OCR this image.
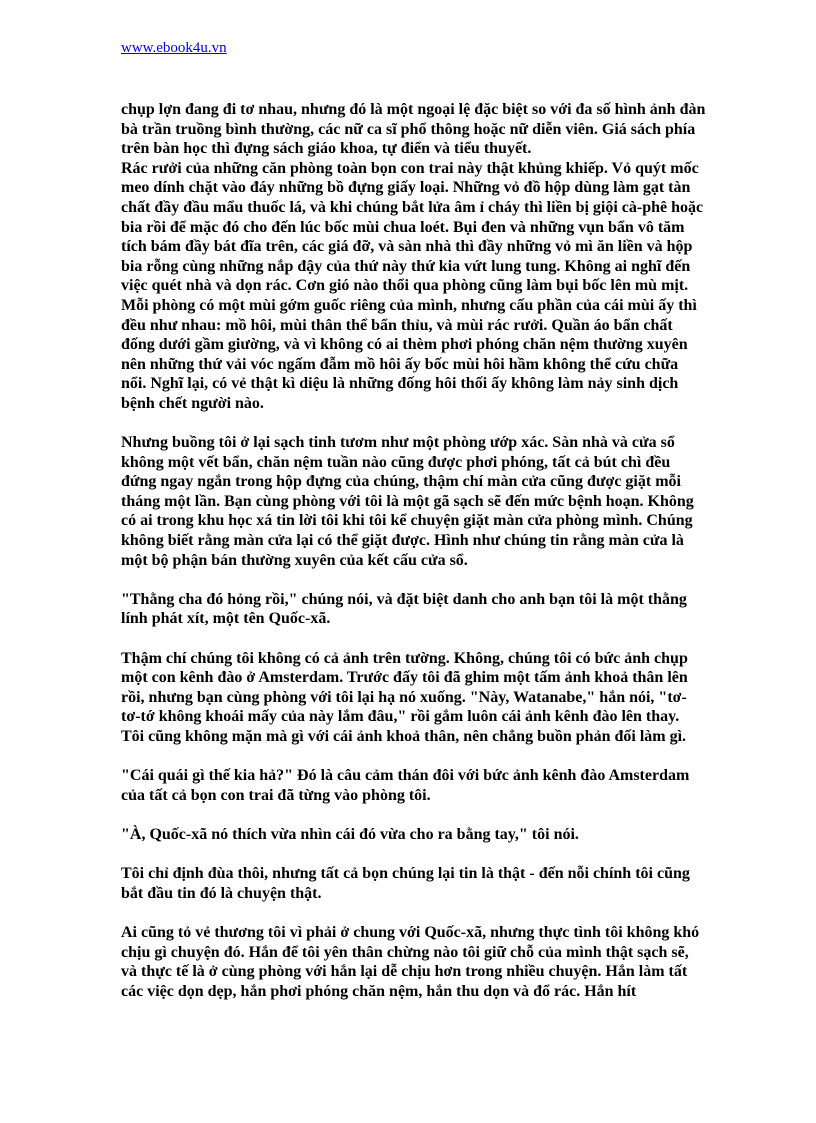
www.ebook4u.vn

chụp lợn đang đi tơ nhau, nhưng đó là một ngoại lệ đặc biệt so với đa số hình ảnh đàn bà trần truồng bình thường, các nữ ca sĩ phổ thông hoặc nữ diễn viên. Giá sách phía trên bàn học thì đựng sách giáo khoa, tự điển và tiểu thuyết.
Rác rưởi của những căn phòng toàn bọn con trai này thật khủng khiếp. Vỏ quýt mốc meo dính chặt vào đáy những bồ đựng giấy loại. Những vỏ đồ hộp dùng làm gạt tàn chất đầy đầu mẩu thuốc lá, và khi chúng bắt lửa âm ỉ cháy thì liền bị giội cà-phê hoặc bia rồi để mặc đó cho đến lúc bốc mùi chua loét. Bụi đen và những vụn bẩn vô tăm tích bám đầy bát đĩa trên, các giá đỡ, và sàn nhà thì đầy những vỏ mì ăn liền và hộp bia rỗng cùng những nắp đậy của thứ này thứ kia vứt lung tung. Không ai nghĩ đến việc quét nhà và dọn rác. Cơn gió nào thổi qua phòng cũng làm bụi bốc lên mù mịt. Mỗi phòng có một mùi gớm guốc riêng của mình, nhưng cấu phần của cái mùi ấy thì đều như nhau: mồ hôi, mùi thân thể bẩn thỉu, và mùi rác rưởi. Quần áo bẩn chất đống dưới gầm giường, và vì không có ai thèm phơi phóng chăn nệm thường xuyên nên những thứ vải vóc ngấm đẫm mồ hôi ấy bốc mùi hôi hầm không thể cứu chữa nổi. Nghĩ lại, có vẻ thật kì diệu là những đống hôi thối ấy không làm nảy sinh dịch bệnh chết người nào.

Nhưng buồng tôi ở lại sạch tinh tươm như một phòng ướp xác. Sàn nhà và cửa sổ không một vết bẩn, chăn nệm tuần nào cũng được phơi phóng, tất cả bút chì đều đứng ngay ngắn trong hộp đựng của chúng, thậm chí màn cửa cũng được giặt mỗi tháng một lần. Bạn cùng phòng với tôi là một gã sạch sẽ đến mức bệnh hoạn. Không có ai trong khu học xá tin lời tôi khi tôi kể chuyện giặt màn cửa phòng mình. Chúng không biết rằng màn cửa lại có thể giặt được. Hình như chúng tin rằng màn cửa là một bộ phận bán thường xuyên của kết cấu cửa sổ.

"Thằng cha đó hỏng rồi," chúng nói, và đặt biệt danh cho anh bạn tôi là một thằng lính phát xít, một tên Quốc-xã.

Thậm chí chúng tôi không có cả ảnh trên tường. Không, chúng tôi có bức ảnh chụp một con kênh đào ở Amsterdam. Trước đấy tôi đã ghim một tấm ảnh khoả thân lên rồi, nhưng bạn cùng phòng với tôi lại hạ nó xuống. "Này, Watanabe," hắn nói, "tơ-tơ-tớ không khoái mấy của này lắm đâu," rồi gắm luôn cái ảnh kênh đào lên thay. Tôi cũng không mặn mà gì với cái ảnh khoả thân, nên chẳng buồn phản đối làm gì.

"Cái quái gì thế kia hả?" Đó là câu cảm thán đôi với bức ảnh kênh đào Amsterdam của tất cả bọn con trai đã từng vào phòng tôi.

"À, Quốc-xã nó thích vừa nhìn cái đó vừa cho ra bằng tay," tôi nói.

Tôi chỉ định đùa thôi, nhưng tất cả bọn chúng lại tin là thật - đến nỗi chính tôi cũng bắt đầu tin đó là chuyện thật.

Ai cũng tỏ vẻ thương tôi vì phải ở chung với Quốc-xã, nhưng thực tình tôi không khó chịu gì chuyện đó. Hắn để tôi yên thân chừng nào tôi giữ chỗ của mình thật sạch sẽ, và thực tế là ở cùng phòng với hắn lại dễ chịu hơn trong nhiều chuyện. Hắn làm tất các việc dọn dẹp, hắn phơi phóng chăn nệm, hắn thu dọn và đổ rác. Hắn hít
